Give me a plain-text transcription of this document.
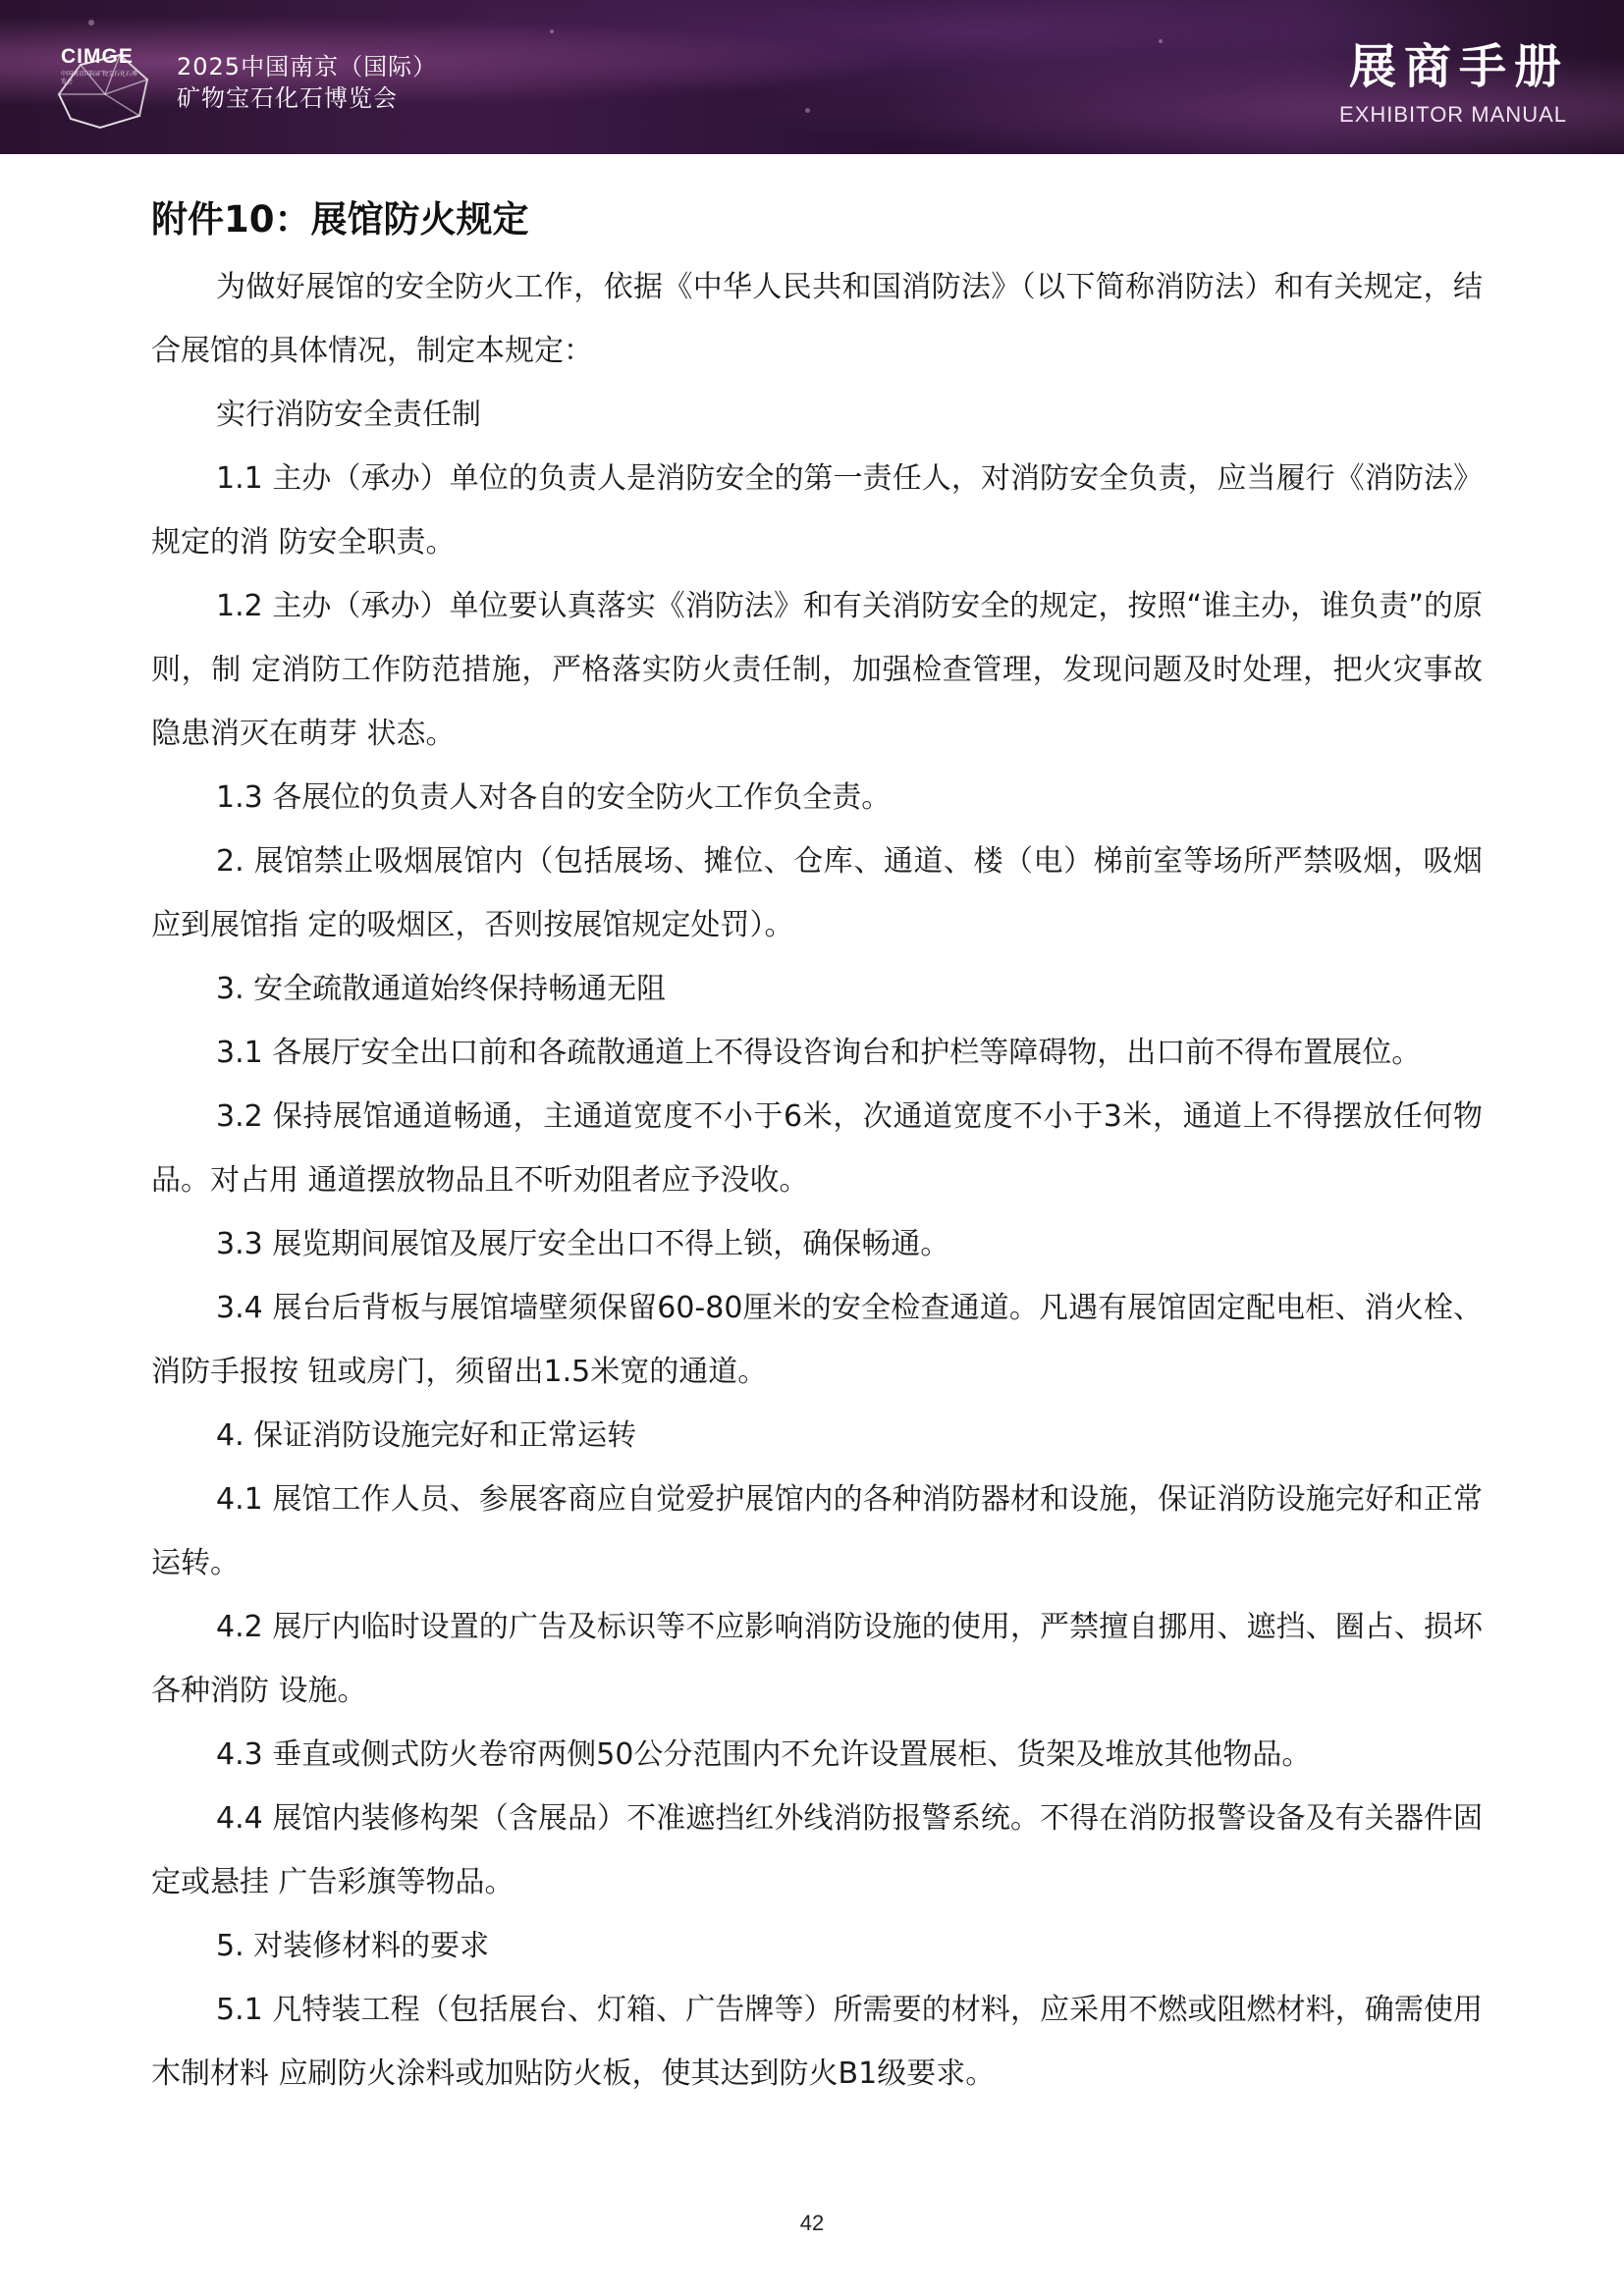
CIMGE
中国南京国际矿物宝石化石博览会
2025中国南京（国际）
矿物宝石化石博览会
展商手册
EXHIBITOR MANUAL
附件10：展馆防火规定

为做好展馆的安全防火工作，依据《中华人民共和国消防法》（以下简称消防法）和有关规定，结合展馆的具体情况，制定本规定：

实行消防安全责任制

1.1 主办（承办）单位的负责人是消防安全的第一责任人，对消防安全负责，应当履行《消防法》规定的消 防安全职责。

1.2 主办（承办）单位要认真落实《消防法》和有关消防安全的规定，按照“谁主办，谁负责”的原则，制 定消防工作防范措施，严格落实防火责任制，加强检查管理，发现问题及时处理，把火灾事故隐患消灭在萌芽 状态。

1.3 各展位的负责人对各自的安全防火工作负全责。

2. 展馆禁止吸烟展馆内（包括展场、摊位、仓库、通道、楼（电）梯前室等场所严禁吸烟，吸烟应到展馆指 定的吸烟区，否则按展馆规定处罚）。

3. 安全疏散通道始终保持畅通无阻

3.1 各展厅安全出口前和各疏散通道上不得设咨询台和护栏等障碍物，出口前不得布置展位。

3.2 保持展馆通道畅通，主通道宽度不小于6米，次通道宽度不小于3米，通道上不得摆放任何物品。对占用 通道摆放物品且不听劝阻者应予没收。

3.3 展览期间展馆及展厅安全出口不得上锁，确保畅通。

3.4 展台后背板与展馆墙壁须保留60-80厘米的安全检查通道。凡遇有展馆固定配电柜、消火栓、消防手报按 钮或房门，须留出1.5米宽的通道。

4. 保证消防设施完好和正常运转

4.1 展馆工作人员、参展客商应自觉爱护展馆内的各种消防器材和设施，保证消防设施完好和正常运转。

4.2 展厅内临时设置的广告及标识等不应影响消防设施的使用，严禁擅自挪用、遮挡、圈占、损坏各种消防 设施。

4.3 垂直或侧式防火卷帘两侧50公分范围内不允许设置展柜、货架及堆放其他物品。

4.4 展馆内装修构架（含展品）不准遮挡红外线消防报警系统。不得在消防报警设备及有关器件固定或悬挂 广告彩旗等物品。

5. 对装修材料的要求

5.1 凡特装工程（包括展台、灯箱、广告牌等）所需要的材料，应采用不燃或阻燃材料，确需使用木制材料 应刷防火涂料或加贴防火板，使其达到防火B1级要求。

42
